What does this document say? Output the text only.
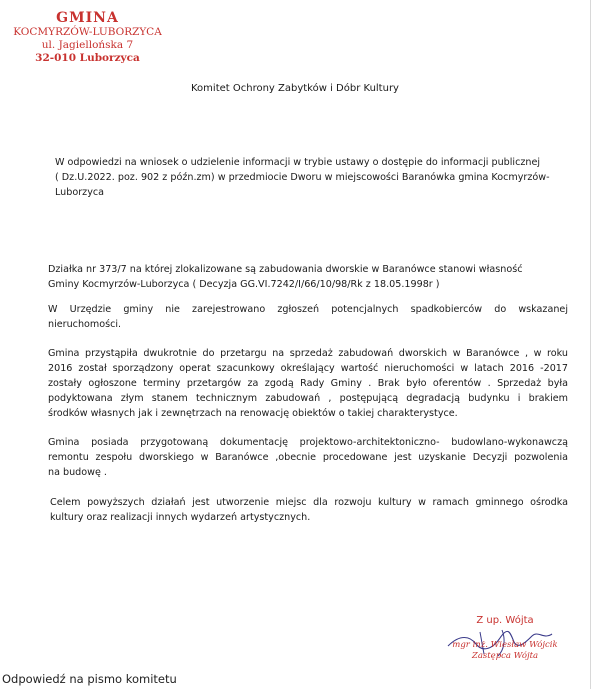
GMINA
KOCMYRZÓW-LUBORZYCA
ul. Jagiellońska 7
32-010 Luborzyca
Komitet Ochrony Zabytków i Dóbr Kultury
W odpowiedzi na wniosek o udzielenie informacji w trybie ustawy o dostępie do informacji publicznej
( Dz.U.2022. poz. 902 z późn.zm) w przedmiocie Dworu w miejscowości Baranówka gmina Kocmyrzów-
Luborzyca
Działka nr 373/7 na której zlokalizowane są zabudowania dworskie w Baranówce stanowi własność
Gminy Kocmyrzów-Luborzyca ( Decyzja GG.VI.7242/I/66/10/98/Rk z 18.05.1998r )
W Urzędzie gminy nie zarejestrowano zgłoszeń potencjalnych spadkobierców do wskazanej
nieruchomości.
Gmina przystąpiła dwukrotnie do przetargu na sprzedaż zabudowań dworskich w Baranówce , w roku
2016 został sporządzony operat szacunkowy określający wartość nieruchomości w latach 2016 -2017
zostały ogłoszone terminy przetargów za zgodą Rady Gminy . Brak było oferentów . Sprzedaż była
podyktowana złym stanem technicznym zabudowań , postępującą degradacją budynku i brakiem
środków własnych jak i zewnętrzach na renowację obiektów o takiej charakterystyce.
Gmina posiada przygotowaną dokumentację projektowo-architektoniczno- budowlano-wykonawczą
remontu zespołu dworskiego w Baranówce ,obecnie procedowane jest uzyskanie Decyzji pozwolenia
na budowę .
Celem powyższych działań jest utworzenie miejsc dla rozwoju kultury w ramach gminnego ośrodka
kultury oraz realizacji innych wydarzeń artystycznych.
Z up. Wójta
mgr inż. Wiesław Wójcik
Zastępca Wójta
Odpowiedź na pismo komitetu
